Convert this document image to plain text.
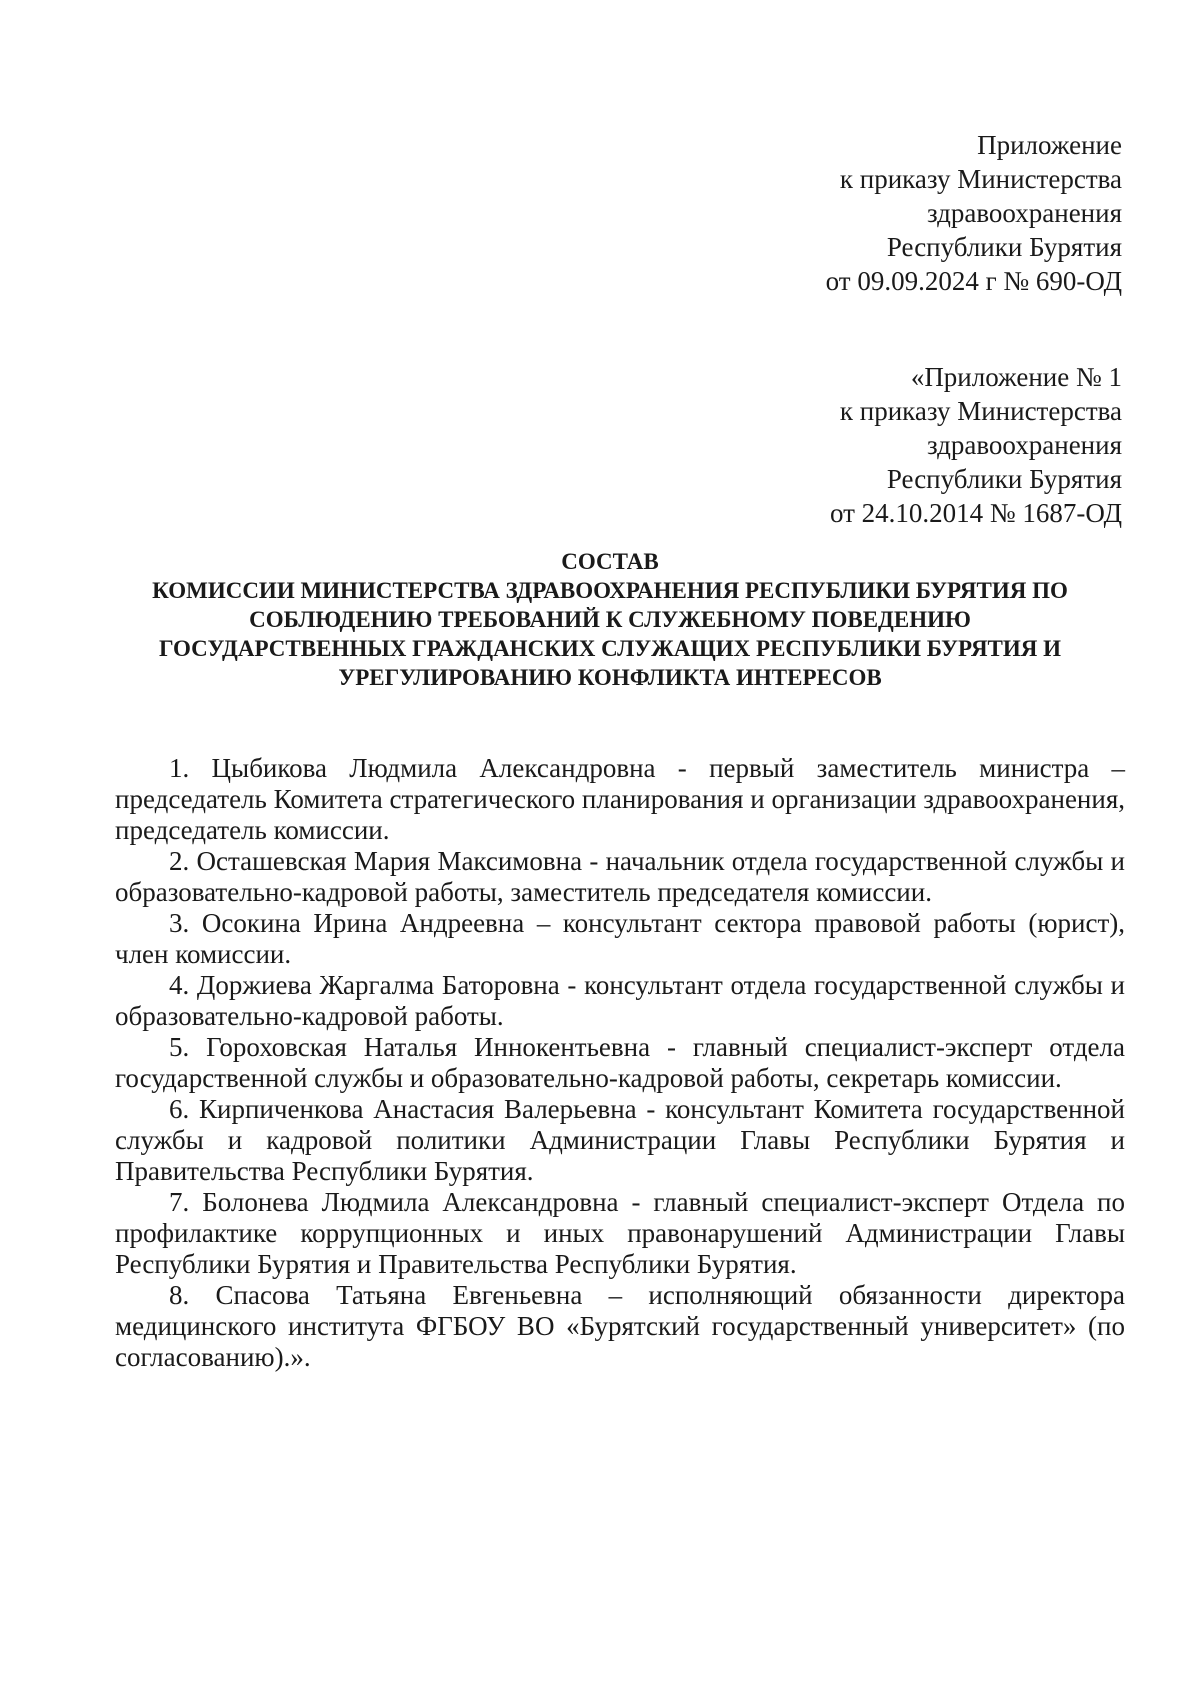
Приложение
к приказу Министерства
здравоохранения
Республики Бурятия
от 09.09.2024 г № 690-ОД
«Приложение № 1
к приказу Министерства
здравоохранения
Республики Бурятия
от 24.10.2014 № 1687-ОД
СОСТАВ
КОМИССИИ МИНИСТЕРСТВА ЗДРАВООХРАНЕНИЯ РЕСПУБЛИКИ БУРЯТИЯ ПО
СОБЛЮДЕНИЮ ТРЕБОВАНИЙ К СЛУЖЕБНОМУ ПОВЕДЕНИЮ
ГОСУДАРСТВЕННЫХ ГРАЖДАНСКИХ СЛУЖАЩИХ РЕСПУБЛИКИ БУРЯТИЯ И
УРЕГУЛИРОВАНИЮ КОНФЛИКТА ИНТЕРЕСОВ

1. Цыбикова Людмила Александровна - первый заместитель министра – председатель Комитета стратегического планирования и организации здравоохранения, председатель комиссии.

2. Осташевская Мария Максимовна - начальник отдела государственной службы и образовательно-кадровой работы, заместитель председателя комиссии.

3. Осокина Ирина Андреевна – консультант сектора правовой работы (юрист), член комиссии.

4. Доржиева Жаргалма Баторовна - консультант отдела государственной службы и образовательно-кадровой работы.

5. Гороховская Наталья Иннокентьевна - главный специалист-эксперт отдела государственной службы и образовательно-кадровой работы, секретарь комиссии.

6. Кирпиченкова Анастасия Валерьевна - консультант Комитета государственной службы и кадровой политики Администрации Главы Республики Бурятия и Правительства Республики Бурятия.

7. Болонева Людмила Александровна - главный специалист-эксперт Отдела по профилактике коррупционных и иных правонарушений Администрации Главы Республики Бурятия и Правительства Республики Бурятия.

8. Спасова Татьяна Евгеньевна – исполняющий обязанности директора медицинского института ФГБОУ ВО «Бурятский государственный университет» (по согласованию).».
